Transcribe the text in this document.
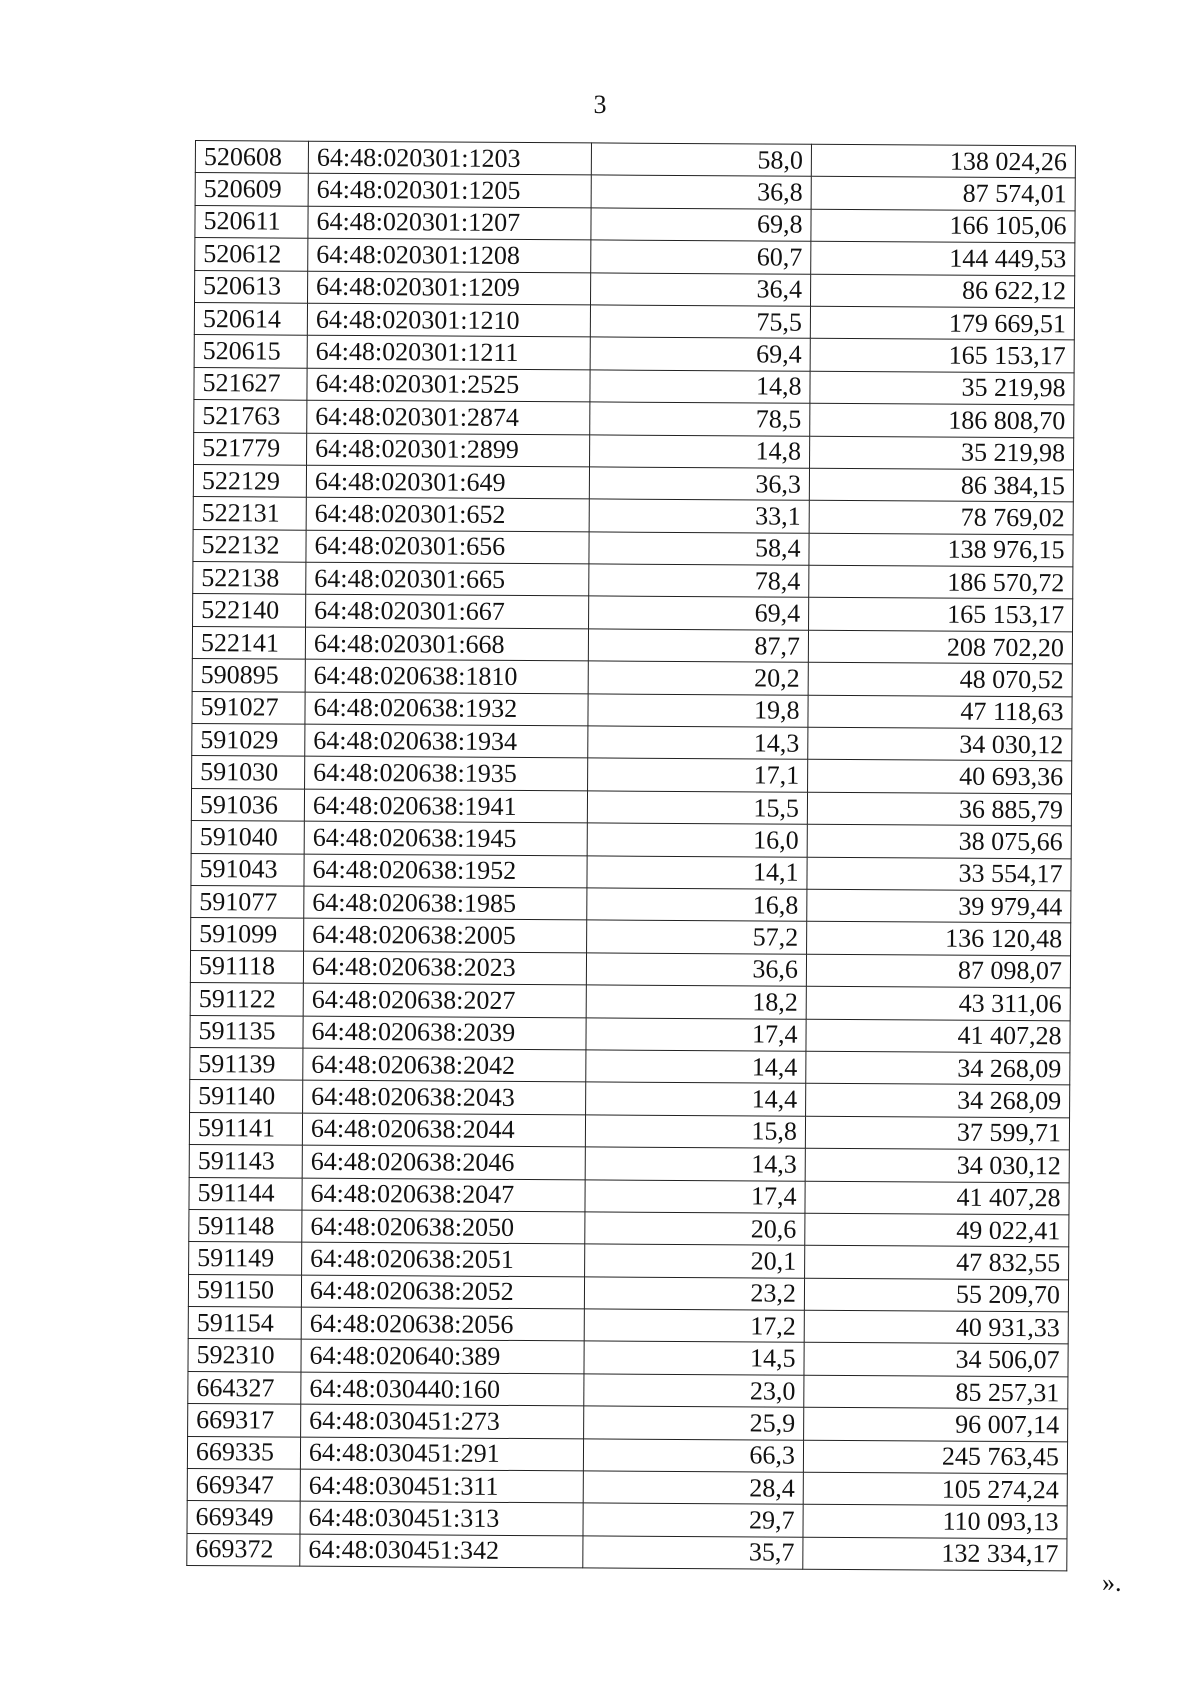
3
520608	64:48:020301:1203	58,0	138 024,26
520609	64:48:020301:1205	36,8	87 574,01
520611	64:48:020301:1207	69,8	166 105,06
520612	64:48:020301:1208	60,7	144 449,53
520613	64:48:020301:1209	36,4	86 622,12
520614	64:48:020301:1210	75,5	179 669,51
520615	64:48:020301:1211	69,4	165 153,17
521627	64:48:020301:2525	14,8	35 219,98
521763	64:48:020301:2874	78,5	186 808,70
521779	64:48:020301:2899	14,8	35 219,98
522129	64:48:020301:649	36,3	86 384,15
522131	64:48:020301:652	33,1	78 769,02
522132	64:48:020301:656	58,4	138 976,15
522138	64:48:020301:665	78,4	186 570,72
522140	64:48:020301:667	69,4	165 153,17
522141	64:48:020301:668	87,7	208 702,20
590895	64:48:020638:1810	20,2	48 070,52
591027	64:48:020638:1932	19,8	47 118,63
591029	64:48:020638:1934	14,3	34 030,12
591030	64:48:020638:1935	17,1	40 693,36
591036	64:48:020638:1941	15,5	36 885,79
591040	64:48:020638:1945	16,0	38 075,66
591043	64:48:020638:1952	14,1	33 554,17
591077	64:48:020638:1985	16,8	39 979,44
591099	64:48:020638:2005	57,2	136 120,48
591118	64:48:020638:2023	36,6	87 098,07
591122	64:48:020638:2027	18,2	43 311,06
591135	64:48:020638:2039	17,4	41 407,28
591139	64:48:020638:2042	14,4	34 268,09
591140	64:48:020638:2043	14,4	34 268,09
591141	64:48:020638:2044	15,8	37 599,71
591143	64:48:020638:2046	14,3	34 030,12
591144	64:48:020638:2047	17,4	41 407,28
591148	64:48:020638:2050	20,6	49 022,41
591149	64:48:020638:2051	20,1	47 832,55
591150	64:48:020638:2052	23,2	55 209,70
591154	64:48:020638:2056	17,2	40 931,33
592310	64:48:020640:389	14,5	34 506,07
664327	64:48:030440:160	23,0	85 257,31
669317	64:48:030451:273	25,9	96 007,14
669335	64:48:030451:291	66,3	245 763,45
669347	64:48:030451:311	28,4	105 274,24
669349	64:48:030451:313	29,7	110 093,13
669372	64:48:030451:342	35,7	132 334,17
».
